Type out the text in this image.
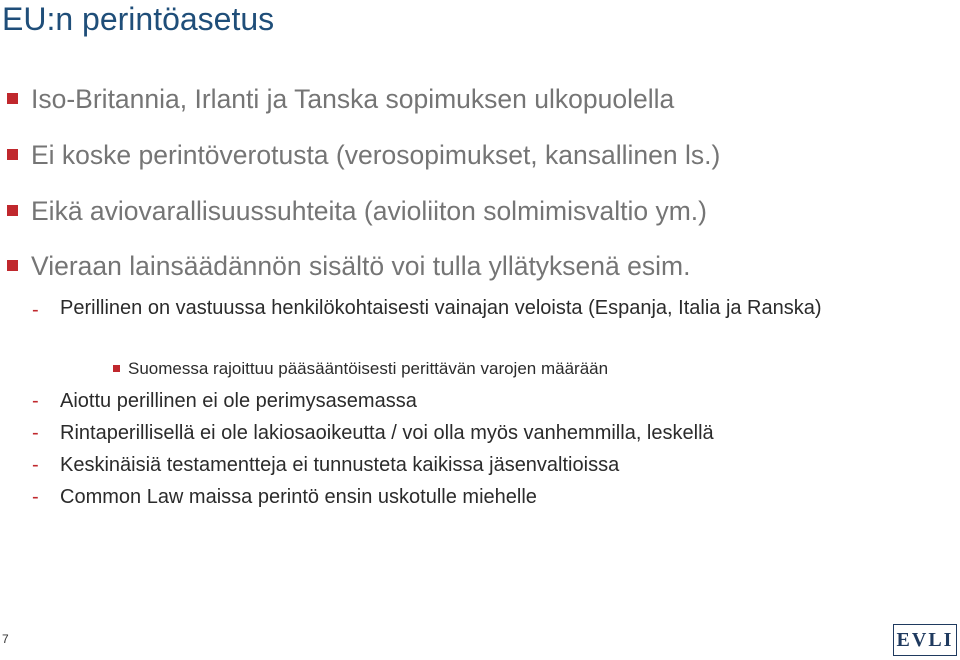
EU:n perintöasetus
Iso-Britannia, Irlanti ja Tanska sopimuksen ulkopuolella
Ei koske perintöverotusta (verosopimukset, kansallinen ls.)
Eikä aviovarallisuussuhteita (avioliiton solmimisvaltio ym.)
Vieraan lainsäädännön sisältö voi tulla yllätyksenä esim.
- Perillinen on vastuussa henkilökohtaisesti vainajan veloista (Espanja, Italia ja Ranska)
Suomessa rajoittuu pääsääntöisesti perittävän varojen määrään
- Aiottu perillinen ei ole perimysasemassa
- Rintaperillisellä ei ole lakiosaoikeutta / voi olla myös vanhemmilla, leskellä
- Keskinäisiä testamentteja ei tunnusteta kaikissa jäsenvaltioissa
- Common Law maissa perintö ensin uskotulle miehelle
7	EVLI
